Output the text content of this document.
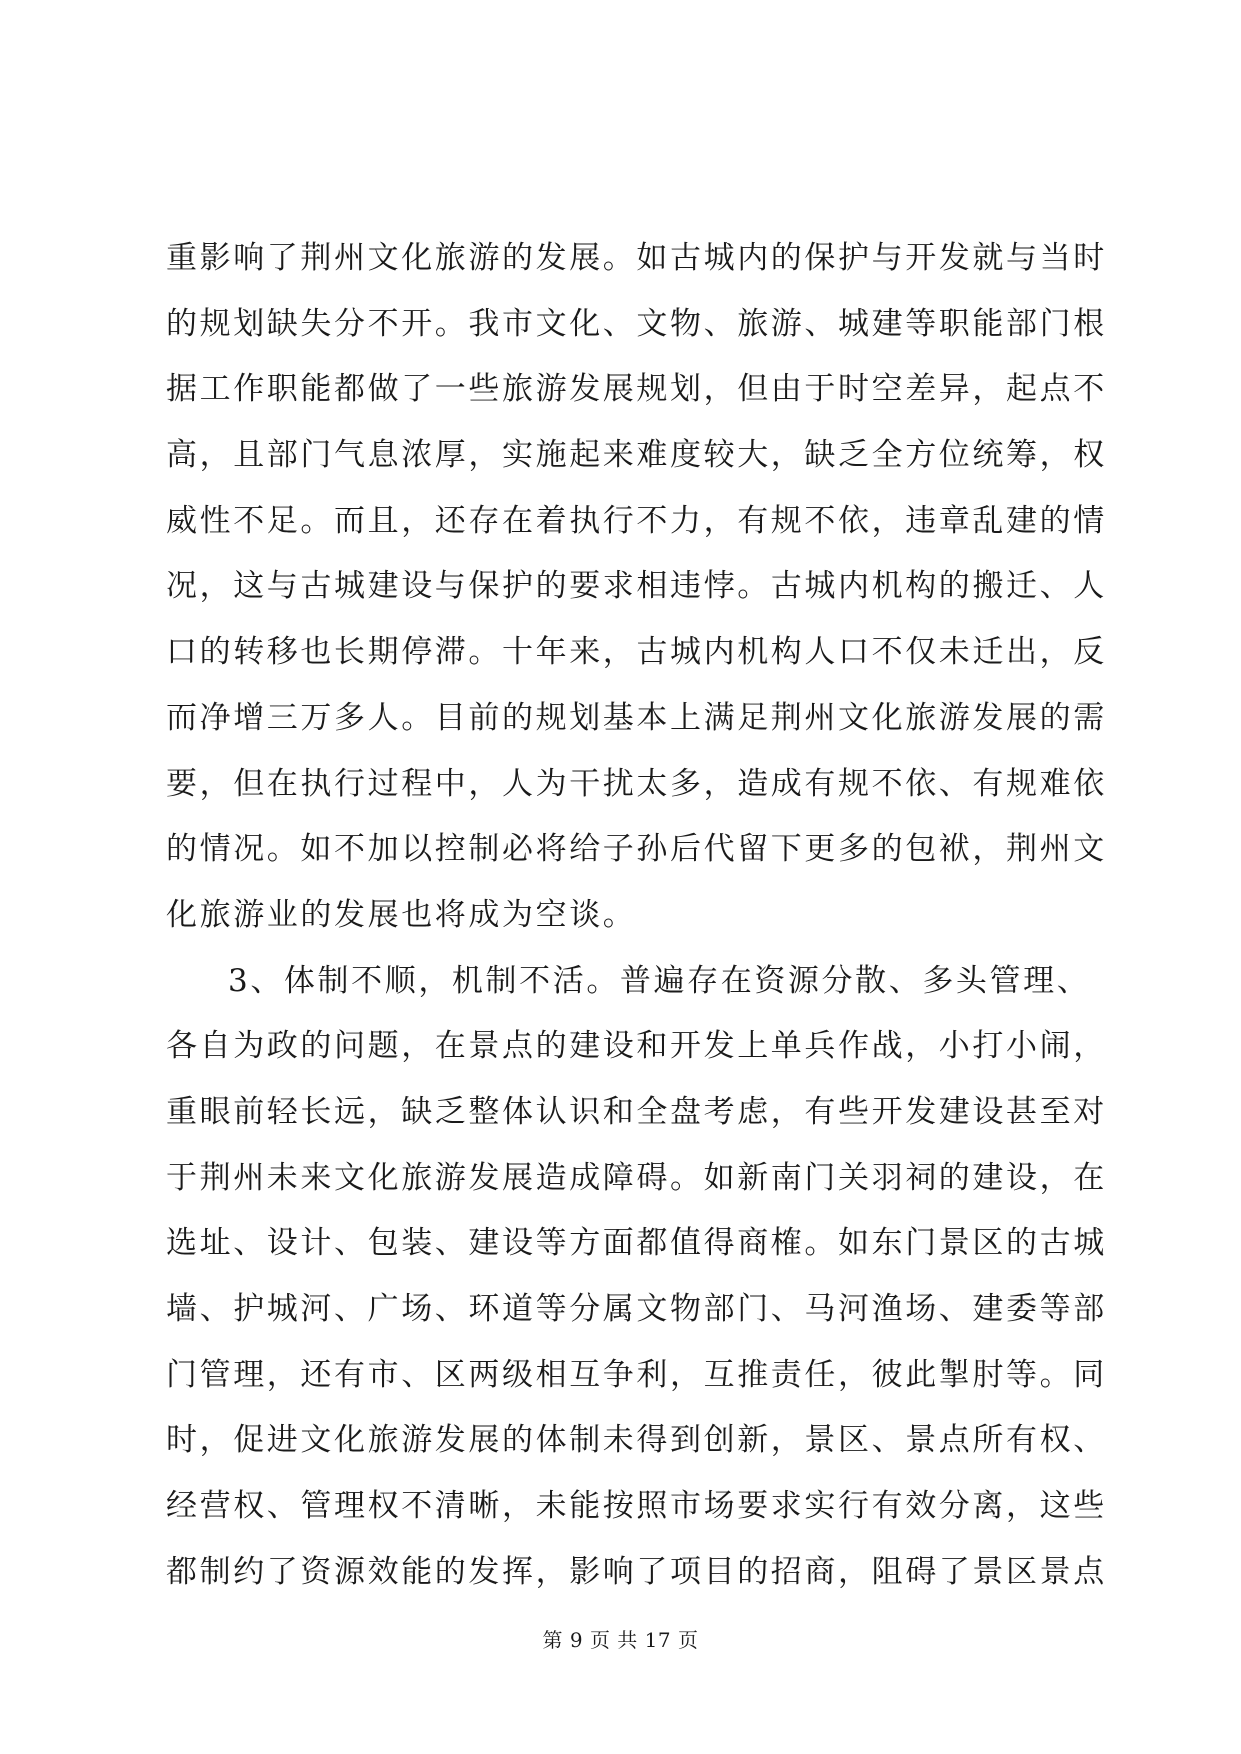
重影响了荆州文化旅游的发展。如古城内的保护与开发就与当时
的规划缺失分不开。我市文化、文物、旅游、城建等职能部门根
据工作职能都做了一些旅游发展规划，但由于时空差异，起点不
高，且部门气息浓厚，实施起来难度较大，缺乏全方位统筹，权
威性不足。而且，还存在着执行不力，有规不依，违章乱建的情
况，这与古城建设与保护的要求相违悖。古城内机构的搬迁、人
口的转移也长期停滞。十年来，古城内机构人口不仅未迁出，反
而净增三万多人。目前的规划基本上满足荆州文化旅游发展的需
要，但在执行过程中，人为干扰太多，造成有规不依、有规难依
的情况。如不加以控制必将给子孙后代留下更多的包袱，荆州文
化旅游业的发展也将成为空谈。
3、体制不顺，机制不活。普遍存在资源分散、多头管理、
各自为政的问题，在景点的建设和开发上单兵作战，小打小闹，
重眼前轻长远，缺乏整体认识和全盘考虑，有些开发建设甚至对
于荆州未来文化旅游发展造成障碍。如新南门关羽祠的建设，在
选址、设计、包装、建设等方面都值得商榷。如东门景区的古城
墙、护城河、广场、环道等分属文物部门、马河渔场、建委等部
门管理，还有市、区两级相互争利，互推责任，彼此掣肘等。同
时，促进文化旅游发展的体制未得到创新，景区、景点所有权、
经营权、管理权不清晰，未能按照市场要求实行有效分离，这些
都制约了资源效能的发挥，影响了项目的招商，阻碍了景区景点
第 9 页 共 17 页
